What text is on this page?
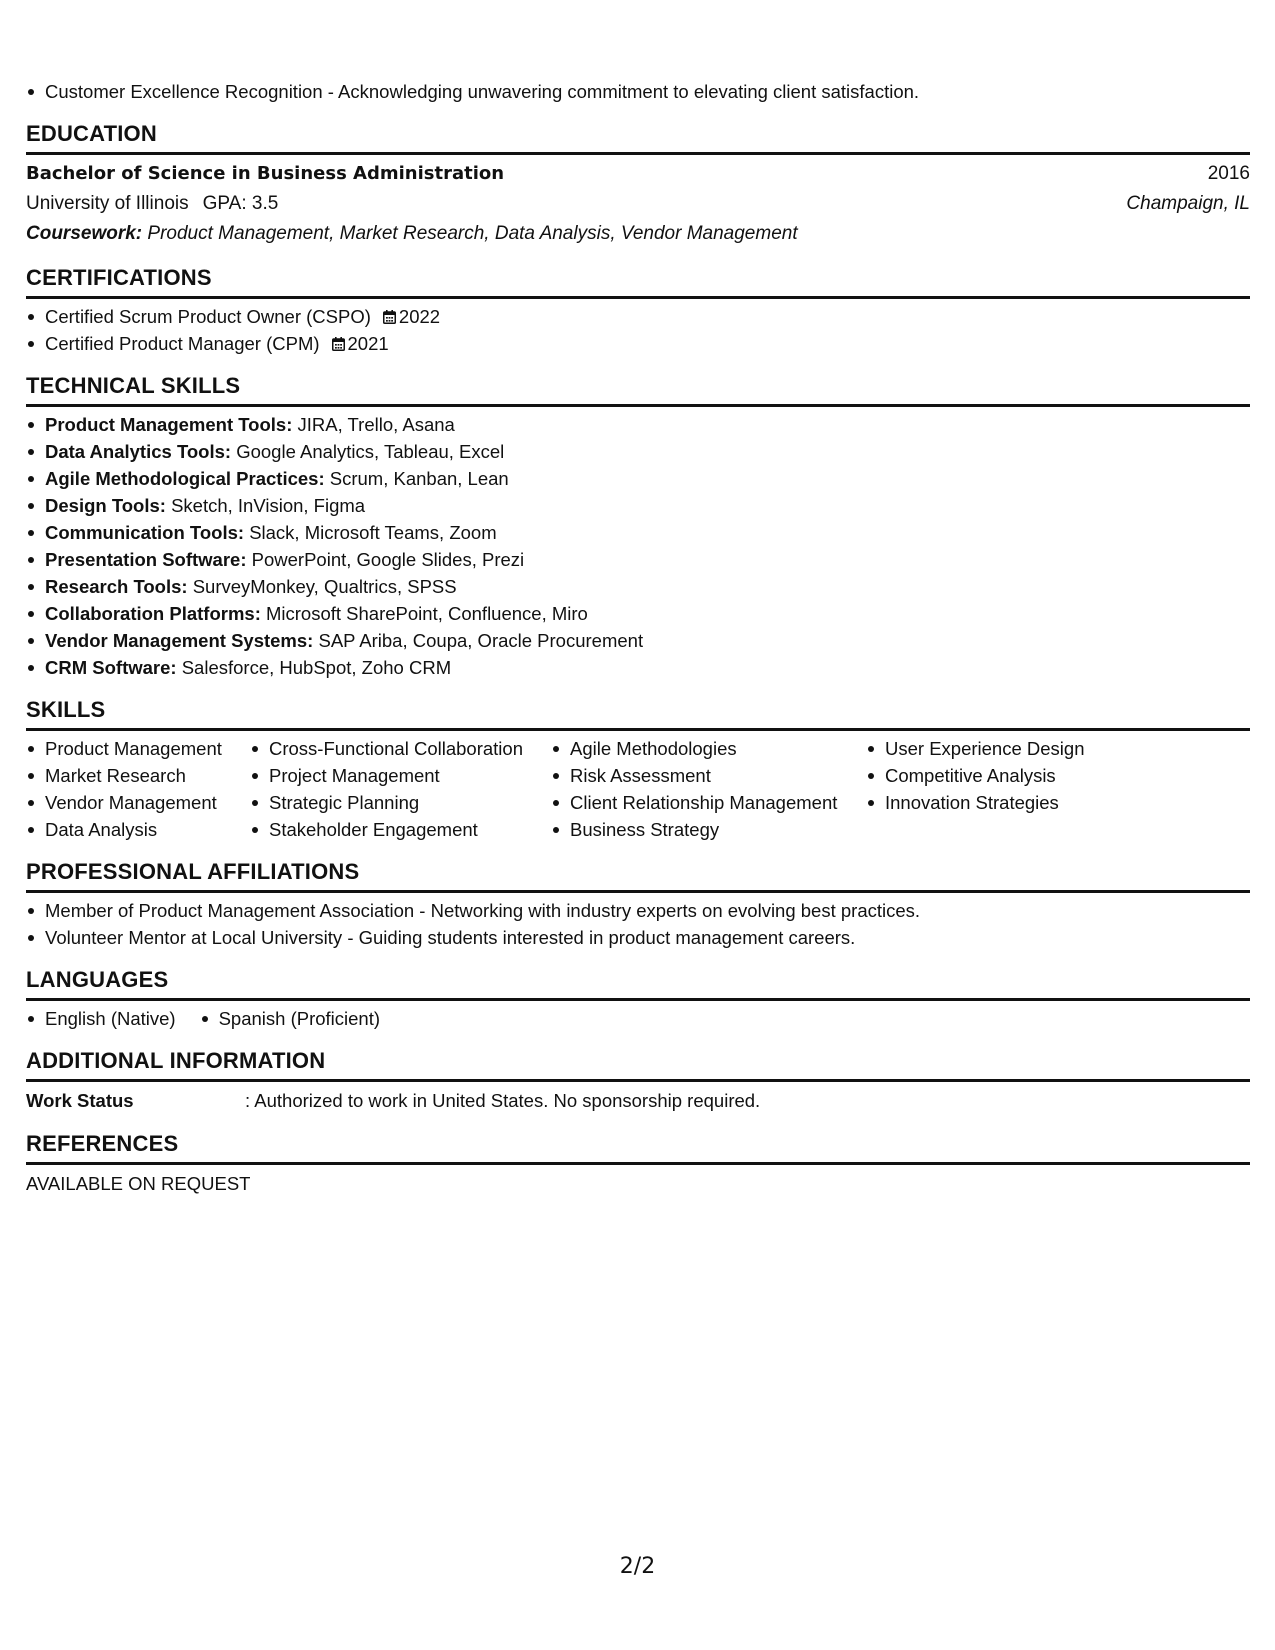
Customer Excellence Recognition - Acknowledging unwavering commitment to elevating client satisfaction.
EDUCATION
Bachelor of Science in Business Administration	2016
University of Illinois GPA: 3.5	Champaign, IL
Coursework: Product Management, Market Research, Data Analysis, Vendor Management
CERTIFICATIONS
Certified Scrum Product Owner (CSPO) 2022
Certified Product Manager (CPM) 2021
TECHNICAL SKILLS
Product Management Tools: JIRA, Trello, Asana
Data Analytics Tools: Google Analytics, Tableau, Excel
Agile Methodological Practices: Scrum, Kanban, Lean
Design Tools: Sketch, InVision, Figma
Communication Tools: Slack, Microsoft Teams, Zoom
Presentation Software: PowerPoint, Google Slides, Prezi
Research Tools: SurveyMonkey, Qualtrics, SPSS
Collaboration Platforms: Microsoft SharePoint, Confluence, Miro
Vendor Management Systems: SAP Ariba, Coupa, Oracle Procurement
CRM Software: Salesforce, HubSpot, Zoho CRM
SKILLS
Product Management
Market Research
Vendor Management
Data Analysis
Cross-Functional Collaboration
Project Management
Strategic Planning
Stakeholder Engagement
Agile Methodologies
Risk Assessment
Client Relationship Management
Business Strategy
User Experience Design
Competitive Analysis
Innovation Strategies
PROFESSIONAL AFFILIATIONS
Member of Product Management Association - Networking with industry experts on evolving best practices.
Volunteer Mentor at Local University - Guiding students interested in product management careers.
LANGUAGES
English (Native)	Spanish (Proficient)
ADDITIONAL INFORMATION
Work Status	: Authorized to work in United States. No sponsorship required.
REFERENCES
AVAILABLE ON REQUEST
2/2
